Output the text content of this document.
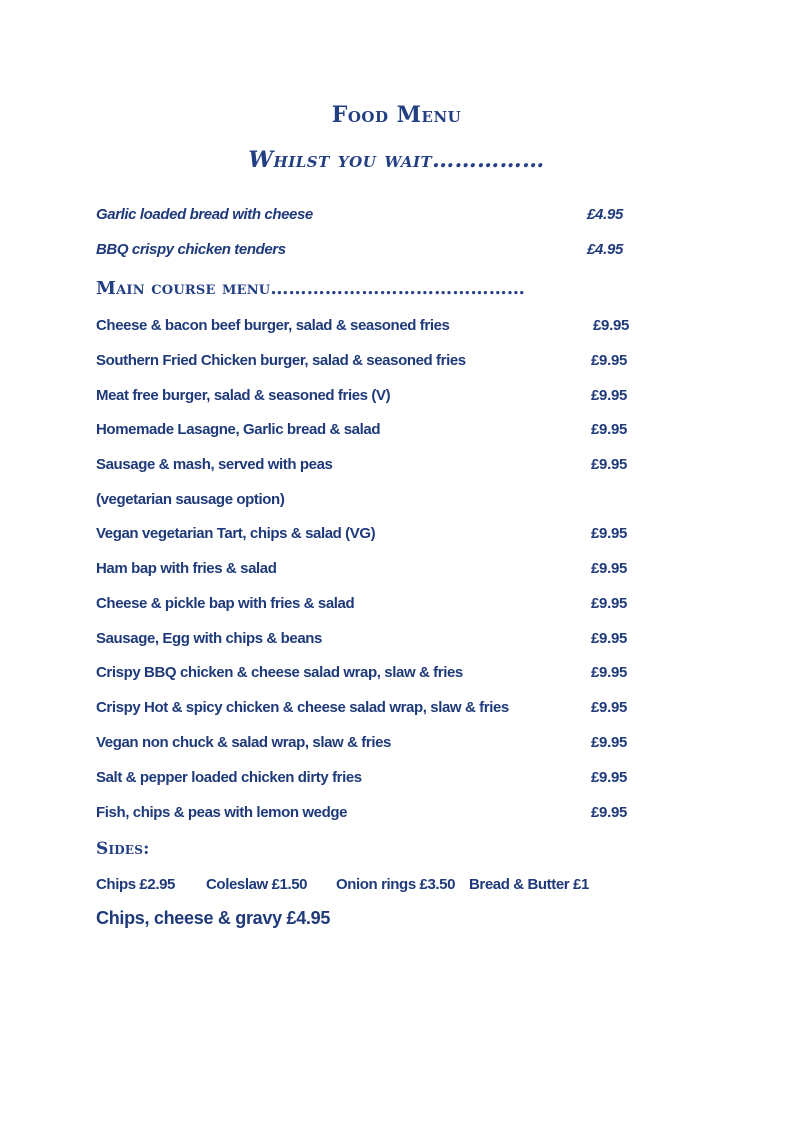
Food Menu
Whilst you wait……………
Garlic loaded bread with cheese	£4.95
BBQ crispy chicken tenders	£4.95
Main course menu……………………………………
Cheese & bacon beef burger, salad & seasoned fries	£9.95
Southern Fried Chicken burger, salad & seasoned fries	£9.95
Meat free burger, salad & seasoned fries (V)	£9.95
Homemade Lasagne, Garlic bread & salad	£9.95
Sausage & mash, served with peas	£9.95
(vegetarian sausage option)
Vegan vegetarian Tart, chips & salad (VG)	£9.95
Ham bap with fries & salad	£9.95
Cheese & pickle bap with fries & salad	£9.95
Sausage, Egg with chips & beans	£9.95
Crispy BBQ chicken & cheese salad wrap, slaw & fries	£9.95
Crispy Hot & spicy chicken & cheese salad wrap, slaw & fries	£9.95
Vegan non chuck & salad wrap, slaw & fries	£9.95
Salt & pepper loaded chicken dirty fries	£9.95
Fish, chips & peas with lemon wedge	£9.95
Sides:
Chips £2.95 Coleslaw £1.50 Onion rings £3.50 Bread & Butter £1
Chips, cheese & gravy £4.95
